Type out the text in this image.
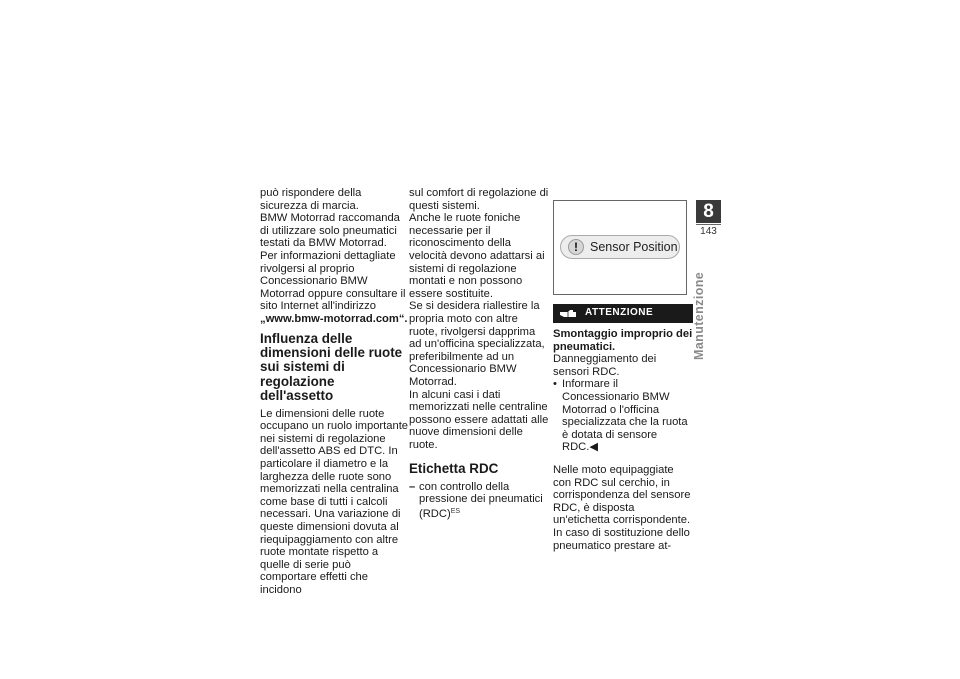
può rispondere della sicurezza di marcia.

BMW Motorrad raccomanda di utilizzare solo pneumatici testati da BMW Motorrad.

Per informazioni dettagliate rivolgersi al proprio Concessionario BMW Motorrad oppure consultare il sito Internet all'indirizzo „www.bmw-motorrad.com“.

Influenza delle dimensioni delle ruote sui sistemi di regolazione dell'assetto

Le dimensioni delle ruote occupano un ruolo importante nei sistemi di regolazione dell'assetto ABS ed DTC. In particolare il diametro e la larghezza delle ruote sono memorizzati nella centralina come base di tutti i calcoli necessari. Una variazione di queste dimensioni dovuta al riequipaggiamento con altre ruote montate rispetto a quelle di serie può comportare effetti che incidono

sul comfort di regolazione di questi sistemi.

Anche le ruote foniche necessarie per il riconoscimento della velocità devono adattarsi ai sistemi di regolazione montati e non possono essere sostituite.

Se si desidera riallestire la propria moto con altre ruote, rivolgersi dapprima ad un'officina specializzata, preferibilmente ad un Concessionario BMW Motorrad.

In alcuni casi i dati memorizzati nelle centraline possono essere adattati alle nuove dimensioni delle ruote.

Etichetta RDC
– con controllo della pressione dei pneumatici (RDC)$^{ES}$
! Sensor Position
ATTENZIONE

Smontaggio improprio dei pneumatici.

Danneggiamento dei sensori RDC.

• Informare il Concessionario BMW Motorrad o l'officina specializzata che la ruota è dotata di sensore RDC.◀

Nelle moto equipaggiate con RDC sul cerchio, in corrispondenza del sensore RDC, è disposta un'etichetta corrispondente. In caso di sostituzione dello pneumatico prestare at-

8
143
Manutenzione
